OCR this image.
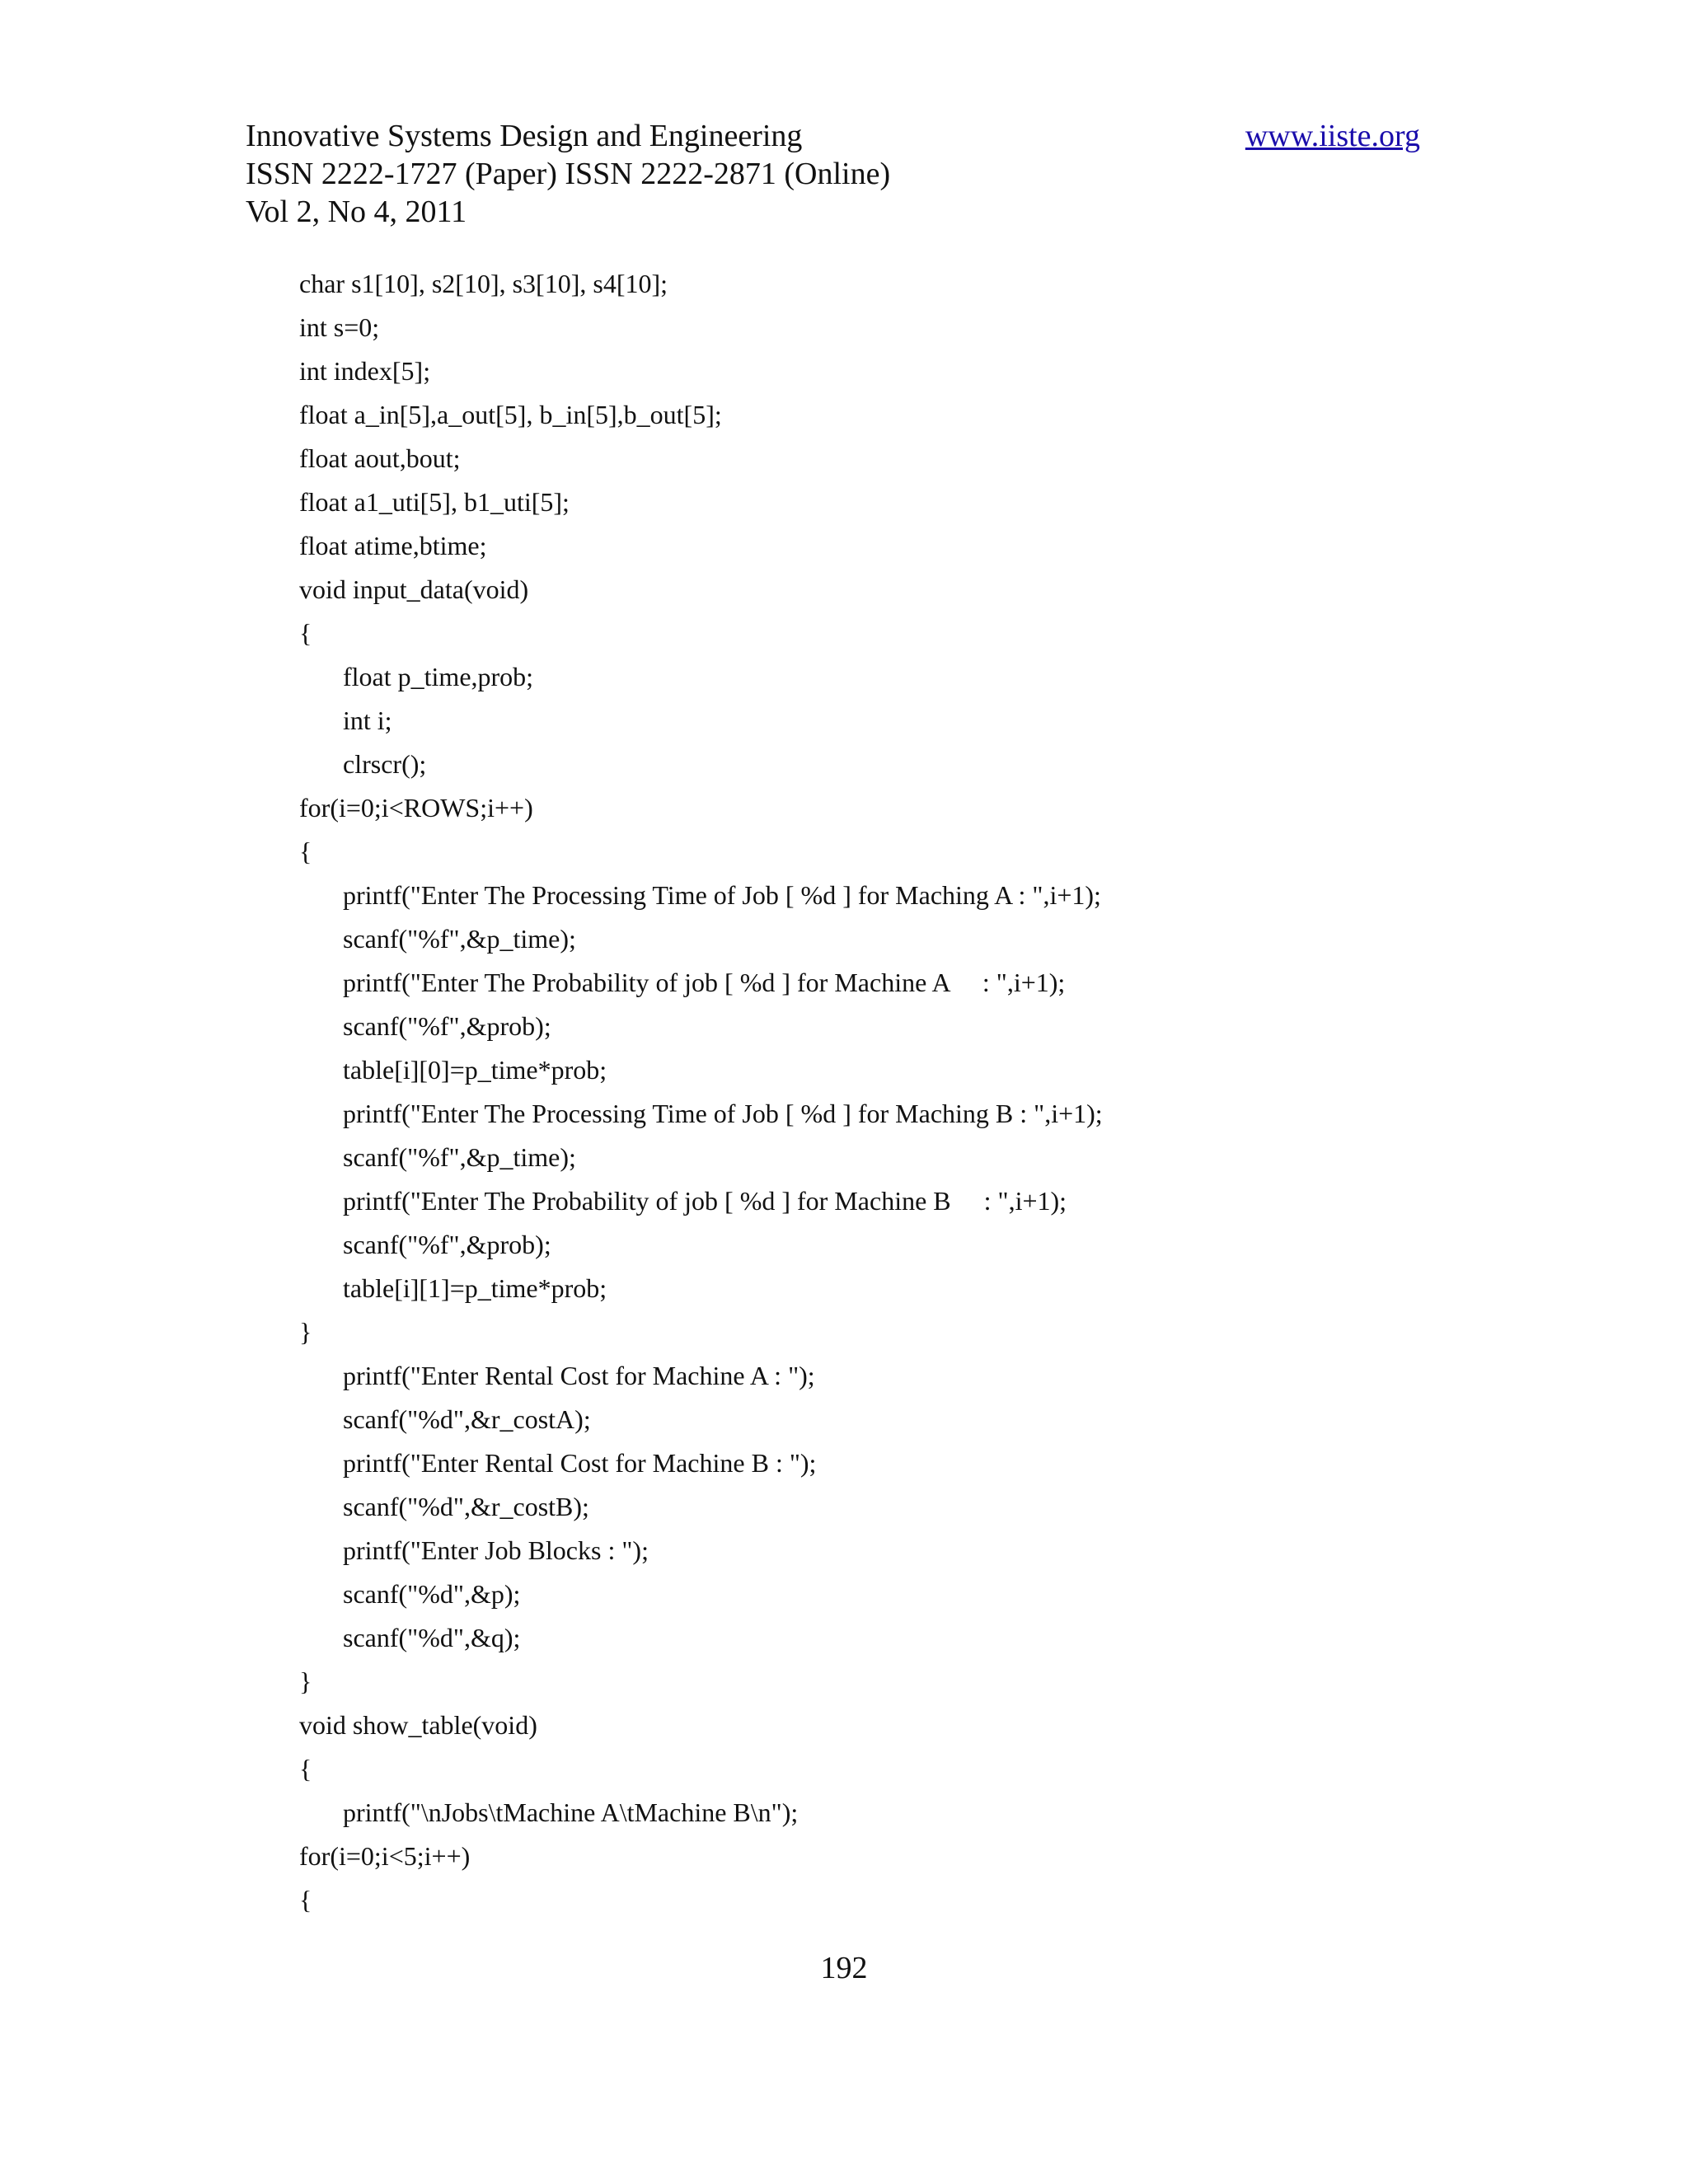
Innovative Systems Design and Engineering
ISSN 2222-1727 (Paper) ISSN 2222-2871 (Online)
Vol 2, No 4, 2011
www.iiste.org
char s1[10], s2[10], s3[10], s4[10];
int s=0;
int index[5];
float a_in[5],a_out[5], b_in[5],b_out[5];
float aout,bout;
float a1_uti[5], b1_uti[5];
float atime,btime;
void input_data(void)
{
float p_time,prob;
int i;
clrscr();
for(i=0;i<ROWS;i++)
{
printf("Enter The Processing Time of Job [ %d ] for Maching A : ",i+1);
scanf("%f",&p_time);
printf("Enter The Probability of job [ %d ] for Machine A     : ",i+1);
scanf("%f",&prob);
table[i][0]=p_time*prob;
printf("Enter The Processing Time of Job [ %d ] for Maching B : ",i+1);
scanf("%f",&p_time);
printf("Enter The Probability of job [ %d ] for Machine B     : ",i+1);
scanf("%f",&prob);
table[i][1]=p_time*prob;
}
printf("Enter Rental Cost for Machine A : ");
scanf("%d",&r_costA);
printf("Enter Rental Cost for Machine B : ");
scanf("%d",&r_costB);
printf("Enter Job Blocks : ");
scanf("%d",&p);
scanf("%d",&q);
}
void show_table(void)
{
printf("\nJobs\tMachine A\tMachine B\n");
for(i=0;i<5;i++)
{
192
